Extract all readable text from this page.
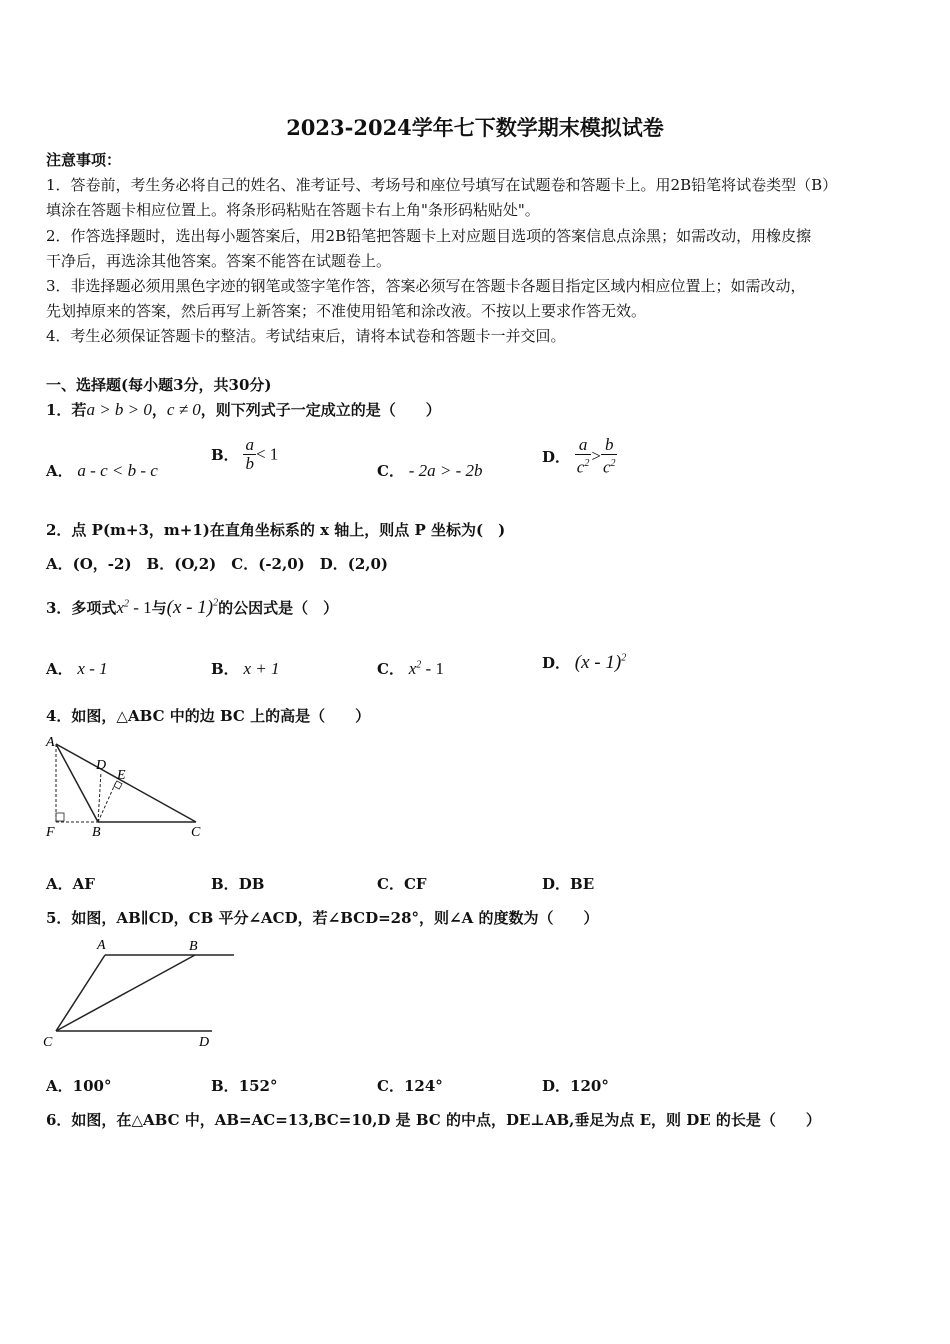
2023-2024学年七下数学期末模拟试卷
注意事项：
1．答卷前，考生务必将自己的姓名、准考证号、考场号和座位号填写在试题卷和答题卡上。用2B铅笔将试卷类型（B）
填涂在答题卡相应位置上。将条形码粘贴在答题卡右上角"条形码粘贴处"。
2．作答选择题时，选出每小题答案后，用2B铅笔把答题卡上对应题目选项的答案信息点涂黑；如需改动，用橡皮擦
干净后，再选涂其他答案。答案不能答在试题卷上。
3．非选择题必须用黑色字迹的钢笔或签字笔作答，答案必须写在答题卡各题目指定区域内相应位置上；如需改动，
先划掉原来的答案，然后再写上新答案；不准使用铅笔和涂改液。不按以上要求作答无效。
4．考生必须保证答题卡的整洁。考试结束后，请将本试卷和答题卡一并交回。
一、选择题(每小题3分，共30分)
1．若a > b > 0，c ≠ 0，则下列式子一定成立的是（　　）
A． a - c < b - c
B． $\frac{a}{b} < 1$
C． - 2a > - 2b
D． $\frac{a}{c^2} > \frac{b}{c^2}$
2．点 P(m+3，m+1)在直角坐标系的 x 轴上，则点 P 坐标为(　)
A．(O，-2)　B．(O,2)　C．(-2,0)　D．(2,0)
3．多项式$x^2 - 1$与(x - 1)$^2$的公因式是（　）
A． x - 1	B． x + 1	C． $x^2 - 1$	D． (x - 1)$^2$
4．如图，△ABC 中的边 BC 上的高是（　　）
A
D
E
F	B	C
A．AF	B．DB	C．CF	D．BE
5．如图，AB∥CD，CB 平分∠ACD，若∠BCD=28°，则∠A 的度数为（　　）
A	B
C	D
A．100°	B．152°	C．124°	D．120°
6．如图，在△ABC 中，AB=AC=13,BC=10,D 是 BC 的中点，DE⊥AB,垂足为点 E，则 DE 的长是（　　）
